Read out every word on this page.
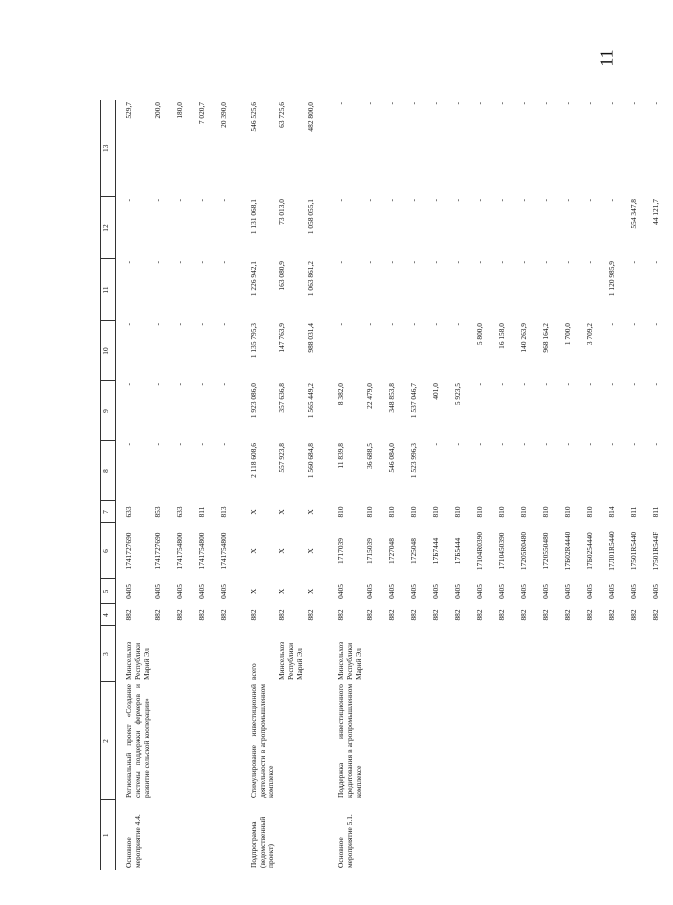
11
1	2	3	4	5	6	7	8	9	10	11	12	13
Основное мероприятие 4.4.	Региональный проект «Создание системы поддержки фермеров и развитие сельской кооперации»	Минсельхоз Республики Марий Эл	882	0405	1741727690	633	-	-	-	-	-	529,7
			882	0405	1741727690	853	-	-	-	-	-	200,0
			882	0405	1741754800	633	-	-	-	-	-	180,0
			882	0405	1741754800	811	-	-	-	-	-	7 020,7
			882	0405	1741754800	813	-	-	-	-	-	20 390,0
Подпрограмма (ведомственный проект)	Стимулирование инвестиционной деятельности в агропромышленном комплексе	всего	882	X	X	X	2 118 608,6	1 923 086,0	1 135 795,3	1 226 942,1	1 131 068,1	546 525,6
		Минсельхоз Республики Марий Эл	882	X	X	X	557 923,8	357 636,8	147 763,9	163 080,9	73 013,0	63 725,6
			882	X	X	X	1 560 684,8	1 565 449,2	988 031,4	1 063 861,2	1 058 055,1	482 800,0
Основное мероприятие 5.1.	Поддержка инвестиционного кредитования в агропромышленном комплексе	Минсельхоз Республики Марий Эл	882	0405	1717039	810	11 839,8	8 382,0	-	-	-	-
			882	0405	1715039	810	36 688,5	22 479,0	-	-	-	-
			882	0405	1727048	810	546 084,0	348 853,8	-	-	-	-
			882	0405	1725048	810	1 523 996,3	1 537 046,7	-	-	-	-
			882	0405	17Б7444	810	-	401,0	-	-	-	-
			882	0405	17Б5444	810	-	5 923,5	-	-	-	-
			882	0405	17104R0390	810	-	-	5 800,0	-	-	-
			882	0405	1710450390	810	-	-	16 158,0	-	-	-
			882	0405	17205R0480	810	-	-	140 263,9	-	-	-
			882	0405	1720550480	810	-	-	968 164,2	-	-	-
			882	0405	17Б02R4440	810	-	-	1 700,0	-	-	-
			882	0405	17Б0254440	810	-	-	3 709,2	-	-	-
			882	0405	17Л01R5440	814	-	-	-	1 120 985,9	-	-
			882	0405	17501R5440	811	-	-	-	-	554 347,8	-
			882	0405	17501R544F	811	-	-	-	-	44 121,7	-
